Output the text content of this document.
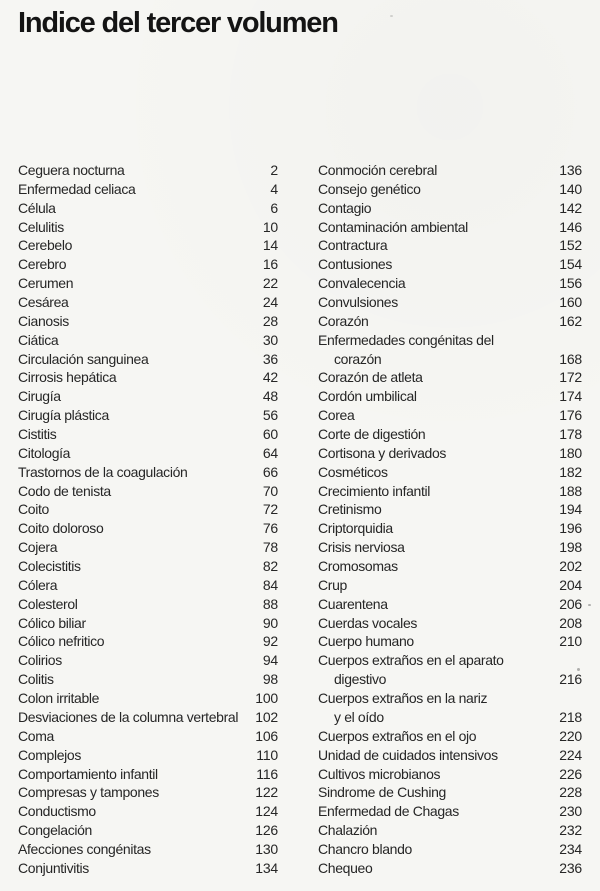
Indice del tercer volumen
Ceguera nocturna	2
Enfermedad celiaca	4
Célula	6
Celulitis	10
Cerebelo	14
Cerebro	16
Cerumen	22
Cesárea	24
Cianosis	28
Ciática	30
Circulación sanguinea	36
Cirrosis hepática	42
Cirugía	48
Cirugía plástica	56
Cistitis	60
Citología	64
Trastornos de la coagulación	66
Codo de tenista	70
Coito	72
Coito doloroso	76
Cojera	78
Colecistitis	82
Cólera	84
Colesterol	88
Cólico biliar	90
Cólico nefritico	92
Colirios	94
Colitis	98
Colon irritable	100
Desviaciones de la columna vertebral 102
Coma	106
Complejos	110
Comportamiento infantil	116
Compresas y tampones	122
Conductismo	124
Congelación	126
Afecciones congénitas	130
Conjuntivitis	134
Conmoción cerebral	136
Consejo genético	140
Contagio	142
Contaminación ambiental	146
Contractura	152
Contusiones	154
Convalecencia	156
Convulsiones	160
Corazón	162
Enfermedades congénitas del
corazón	168
Corazón de atleta	172
Cordón umbilical	174
Corea	176
Corte de digestión	178
Cortisona y derivados	180
Cosméticos	182
Crecimiento infantil	188
Cretinismo	194
Criptorquidia	196
Crisis nerviosa	198
Cromosomas	202
Crup	204
Cuarentena	206
Cuerdas vocales	208
Cuerpo humano	210
Cuerpos extraños en el aparato
digestivo	216
Cuerpos extraños en la nariz
y el oído	218
Cuerpos extraños en el ojo	220
Unidad de cuidados intensivos	224
Cultivos microbianos	226
Sindrome de Cushing	228
Enfermedad de Chagas	230
Chalazión	232
Chancro blando	234
Chequeo	236
